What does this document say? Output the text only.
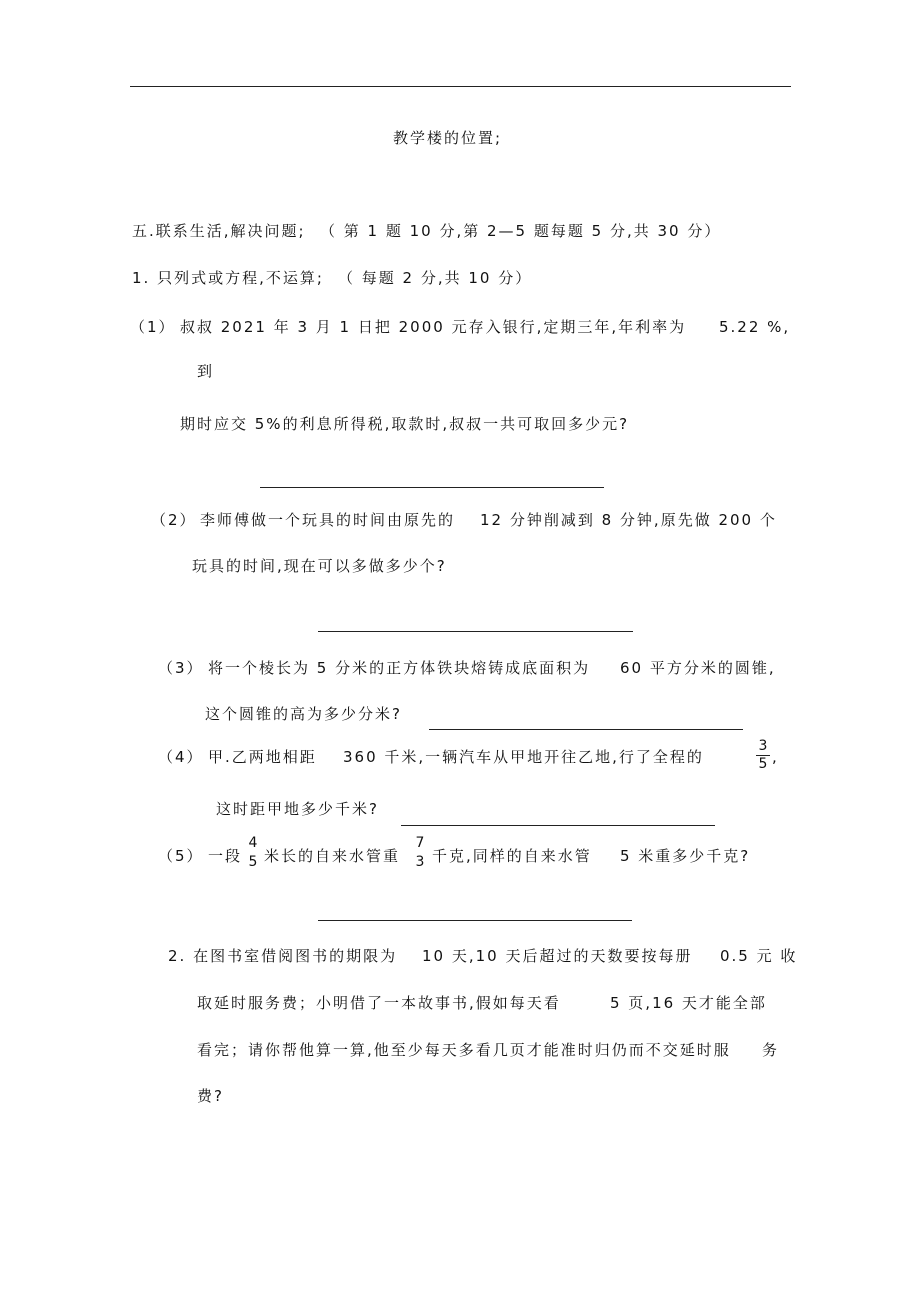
教学楼的位置;
五.联系生活,解决问题; （ 第 1 题 10 分,第 2—5 题每题 5 分,共 30 分）
1. 只列式或方程,不运算; （ 每题 2 分,共 10 分）
（1） 叔叔 2021 年 3 月 1 日把 2000 元存入银行,定期三年,年利率为 5.22 %,
到
期时应交 5%的利息所得税,取款时,叔叔一共可取回多少元?
（2） 李师傅做一个玩具的时间由原先的 12 分钟削减到 8 分钟,原先做 200 个
玩具的时间,现在可以多做多少个?
（3） 将一个棱长为 5 分米的正方体铁块熔铸成底面积为 60 平方分米的圆锥,
这个圆锥的高为多少分米?
（4） 甲.乙两地相距 360 千米,一辆汽车从甲地开往乙地,行了全程的	$\frac{3}{5}$ ,
这时距甲地多少千米?
（5） 一段
4
5 米长的自来水管重
7
3 千克,同样的自来水管 5 米重多少千克?
2. 在图书室借阅图书的期限为 10 天,10 天后超过的天数要按每册 0.5 元 收
取延时服务费；小明借了一本故事书,假如每天看	5 页,16 天才能全部
看完；请你帮他算一算,他至少每天多看几页才能准时归仍而不交延时服 务
费?
